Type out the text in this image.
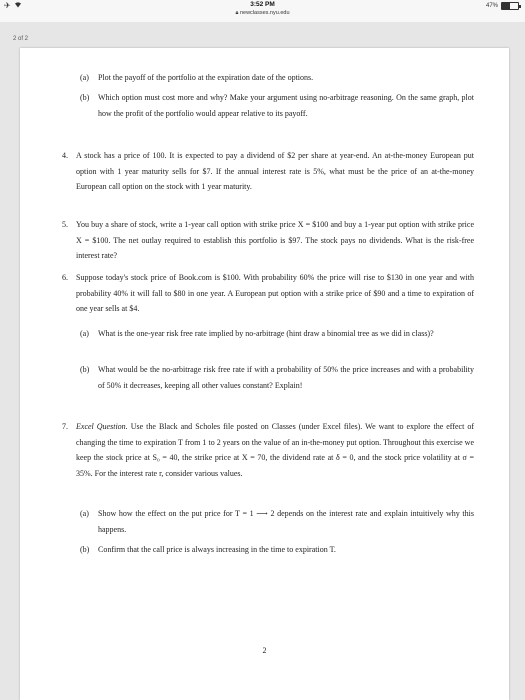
✈	3:52 PM
🔒︎ newclasses.nyu.edu
47%
2 of 2
(a) Plot the payoff of the portfolio at the expiration date of the options.
(b) Which option must cost more and why? Make your argument using no-arbitrage reasoning. On the same graph, plot how the profit of the portfolio would appear relative to its payoff.
4. A stock has a price of 100. It is expected to pay a dividend of $2 per share at year-end. An at-the-money European put option with 1 year maturity sells for $7. If the annual interest rate is 5%, what must be the price of an at-the-money European call option on the stock with 1 year maturity.
5. You buy a share of stock, write a 1-year call option with strike price X = $100 and buy a 1-year put option with strike price X = $100. The net outlay required to establish this portfolio is $97. The stock pays no dividends. What is the risk-free interest rate?
6. Suppose today's stock price of Book.com is $100. With probability 60% the price will rise to $130 in one year and with probability 40% it will fall to $80 in one year. A European put option with a strike price of $90 and a time to expiration of one year sells at $4.
(a) What is the one-year risk free rate implied by no-arbitrage (hint draw a binomial tree as we did in class)?
(b) What would be the no-arbitrage risk free rate if with a probability of 50% the price increases and with a probability of 50% it decreases, keeping all other values constant? Explain!
7. Excel Question. Use the Black and Scholes file posted on Classes (under Excel files). We want to explore the effect of changing the time to expiration T from 1 to 2 years on the value of an in-the-money put option. Throughout this exercise we keep the stock price at S₀ = 40, the strike price at X = 70, the dividend rate at δ = 0, and the stock price volatility at σ = 35%. For the interest rate r, consider various values.
(a) Show how the effect on the put price for T = 1 ⟶ 2 depends on the interest rate and explain intuitively why this happens.
(b) Confirm that the call price is always increasing in the time to expiration T.
2
